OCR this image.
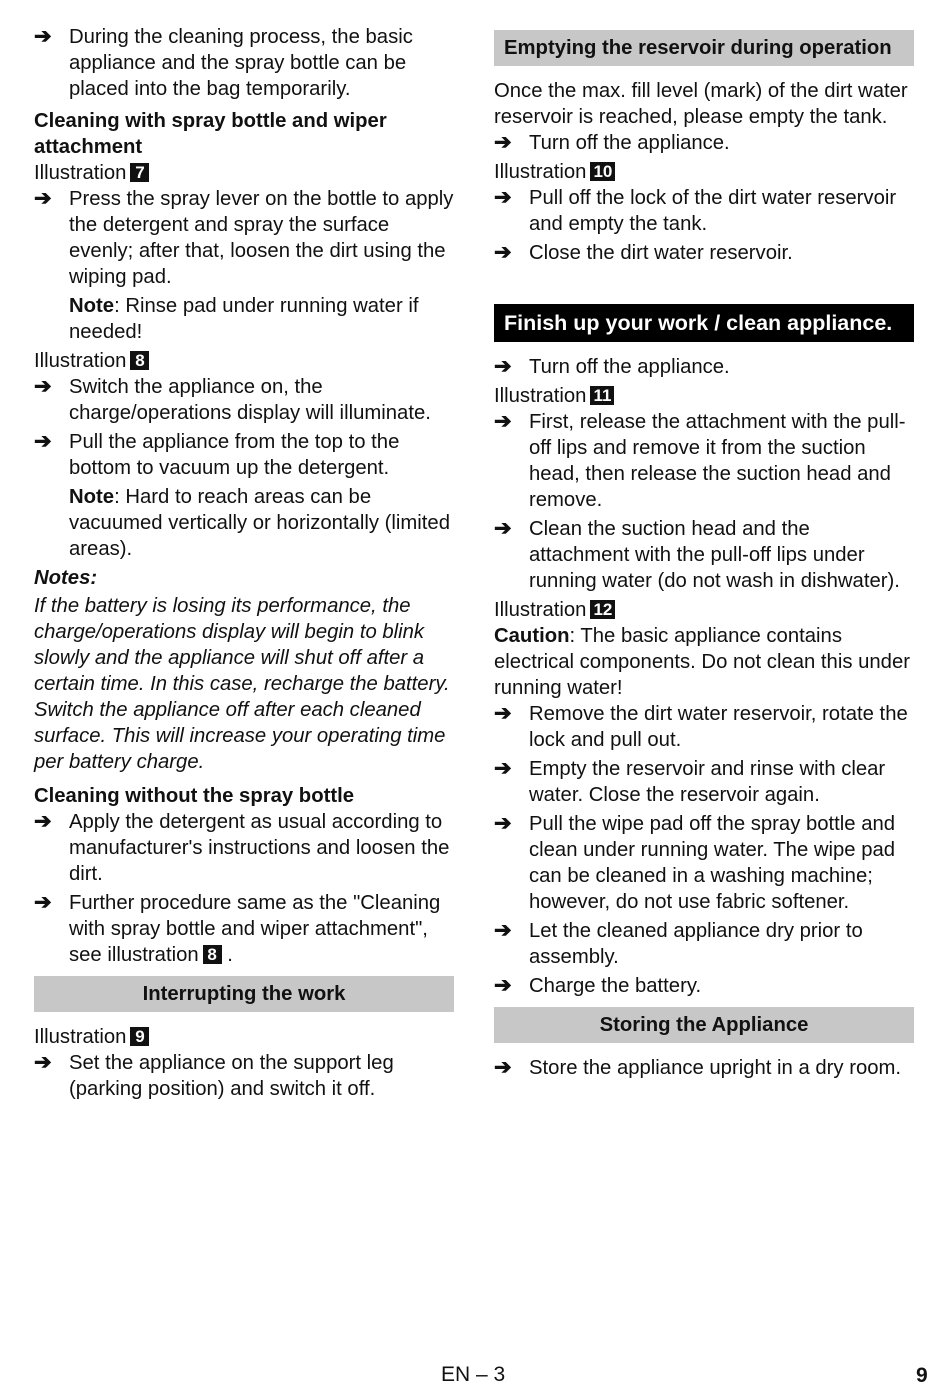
➔ During the cleaning process, the basic appliance and the spray bottle can be placed into the bag temporarily.
Cleaning with spray bottle and wiper attachment
Illustration 7
➔ Press the spray lever on the bottle to apply the detergent and spray the surface evenly; after that, loosen the dirt using the wiping pad.
Note: Rinse pad under running water if needed!
Illustration 8
➔ Switch the appliance on, the charge/operations display will illuminate.
➔ Pull the appliance from the top to the bottom to vacuum up the detergent.
Note: Hard to reach areas can be vacuumed vertically or horizontally (limited areas).
Notes:

If the battery is losing its performance, the charge/operations display will begin to blink slowly and the appliance will shut off after a certain time. In this case, recharge the battery.

Switch the appliance off after each cleaned surface. This will increase your operating time per battery charge.

Cleaning without the spray bottle
➔ Apply the detergent as usual according to manufacturer's instructions and loosen the dirt.
➔ Further procedure same as the "Cleaning with spray bottle and wiper attachment", see illustration 8 .
Interrupting the work
Illustration 9
➔ Set the appliance on the support leg (parking position) and switch it off.
Emptying the reservoir during operation

Once the max. fill level (mark) of the dirt water reservoir is reached, please empty the tank.

➔ Turn off the appliance.
Illustration 10
➔ Pull off the lock of the dirt water reservoir and empty the tank.
➔ Close the dirt water reservoir.
Finish up your work / clean appliance.
➔ Turn off the appliance.
Illustration 11
➔ First, release the attachment with the pull-off lips and remove it from the suction head, then release the suction head and remove.
➔ Clean the suction head and the attachment with the pull-off lips under running water (do not wash in dishwater).
Illustration 12

Caution: The basic appliance contains electrical components. Do not clean this under running water!

➔ Remove the dirt water reservoir, rotate the lock and pull out.
➔ Empty the reservoir and rinse with clear water. Close the reservoir again.
➔ Pull the wipe pad off the spray bottle and clean under running water. The wipe pad can be cleaned in a washing machine; however, do not use fabric softener.
➔ Let the cleaned appliance dry prior to assembly.
➔ Charge the battery.
Storing the Appliance
➔ Store the appliance upright in a dry room.
EN – 3	9
